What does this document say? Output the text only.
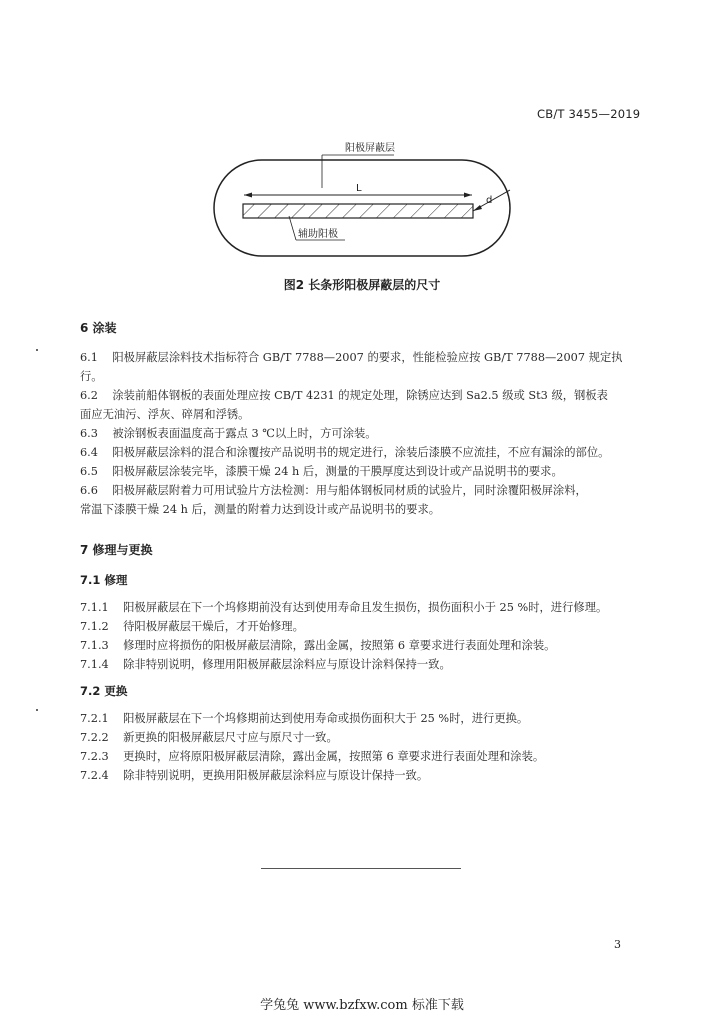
CB/T 3455—2019
阳极屏蔽层
L
d
辅助阳极
图2 长条形阳极屏蔽层的尺寸
6 涂装
6.1 阳极屏蔽层涂料技术指标符合 GB/T 7788—2007 的要求，性能检验应按 GB/T 7788—2007 规定执
行。
6.2 涂装前船体钢板的表面处理应按 CB/T 4231 的规定处理，除锈应达到 Sa2.5 级或 St3 级，钢板表
面应无油污、浮灰、碎屑和浮锈。
6.3 被涂钢板表面温度高于露点 3 ℃以上时，方可涂装。
6.4 阳极屏蔽层涂料的混合和涂覆按产品说明书的规定进行，涂装后漆膜不应流挂，不应有漏涂的部位。
6.5 阳极屏蔽层涂装完毕，漆膜干燥 24 h 后，测量的干膜厚度达到设计或产品说明书的要求。
6.6 阳极屏蔽层附着力可用试验片方法检测：用与船体钢板同材质的试验片，同时涂覆阳极屏涂料，
常温下漆膜干燥 24 h 后，测量的附着力达到设计或产品说明书的要求。
7 修理与更换
7.1 修理
7.1.1 阳极屏蔽层在下一个坞修期前没有达到使用寿命且发生损伤，损伤面积小于 25 %时，进行修理。
7.1.2 待阳极屏蔽层干燥后，才开始修理。
7.1.3 修理时应将损伤的阳极屏蔽层清除，露出金属，按照第 6 章要求进行表面处理和涂装。
7.1.4 除非特别说明，修理用阳极屏蔽层涂料应与原设计涂料保持一致。
7.2 更换
7.2.1 阳极屏蔽层在下一个坞修期前达到使用寿命或损伤面积大于 25 %时，进行更换。
7.2.2 新更换的阳极屏蔽层尺寸应与原尺寸一致。
7.2.3 更换时，应将原阳极屏蔽层清除，露出金属，按照第 6 章要求进行表面处理和涂装。
7.2.4 除非特别说明，更换用阳极屏蔽层涂料应与原设计保持一致。
3
学兔兔 www.bzfxw.com 标准下载
